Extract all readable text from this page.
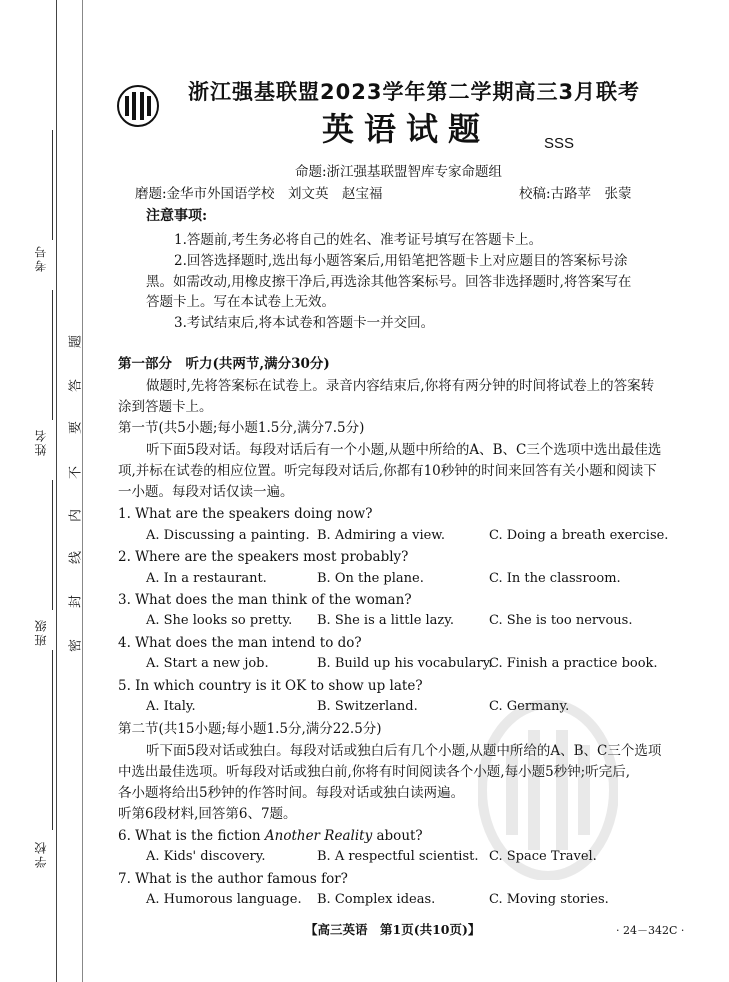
考号
姓名
班级
学校
密
封
线
内
不
要
答
题
浙江强基联盟2023学年第二学期高三3月联考
英语试题	SSS
命题:浙江强基联盟智库专家命题组
磨题:金华市外国语学校　刘文英　赵宝福	校稿:古路苹　张蒙
注意事项:
1.答题前,考生务必将自己的姓名、准考证号填写在答题卡上。
2.回答选择题时,选出每小题答案后,用铅笔把答题卡上对应题目的答案标号涂
黑。如需改动,用橡皮擦干净后,再选涂其他答案标号。回答非选择题时,将答案写在
答题卡上。写在本试卷上无效。
3.考试结束后,将本试卷和答题卡一并交回。
第一部分　听力(共两节,满分30分)
做题时,先将答案标在试卷上。录音内容结束后,你将有两分钟的时间将试卷上的答案转
涂到答题卡上。
第一节(共5小题;每小题1.5分,满分7.5分)
听下面5段对话。每段对话后有一个小题,从题中所给的A、B、C三个选项中选出最佳选
项,并标在试卷的相应位置。听完每段对话后,你都有10秒钟的时间来回答有关小题和阅读下
一小题。每段对话仅读一遍。
1. What are the speakers doing now?
A. Discussing a painting. B. Admiring a view.	C. Doing a breath exercise.
2. Where are the speakers most probably?
A. In a restaurant.	B. On the plane.	C. In the classroom.
3. What does the man think of the woman?
A. She looks so pretty. B. She is a little lazy.	C. She is too nervous.
4. What does the man intend to do?
A. Start a new job.	B. Build up his vocabulary.
C. Finish a practice book.
5. In which country is it OK to show up late?
A. Italy.	B. Switzerland.	C. Germany.
第二节(共15小题;每小题1.5分,满分22.5分)
听下面5段对话或独白。每段对话或独白后有几个小题,从题中所给的A、B、C三个选项
中选出最佳选项。听每段对话或独白前,你将有时间阅读各个小题,每小题5秒钟;听完后,
各小题将给出5秒钟的作答时间。每段对话或独白读两遍。
听第6段材料,回答第6、7题。
6. What is the fiction Another Reality about?
A. Kids' discovery.	B. A respectful scientist. C. Space Travel.
7. What is the author famous for?
A. Humorous language. B. Complex ideas.	C. Moving stories.
【高三英语　第1页(共10页)】	· 24－342C ·
